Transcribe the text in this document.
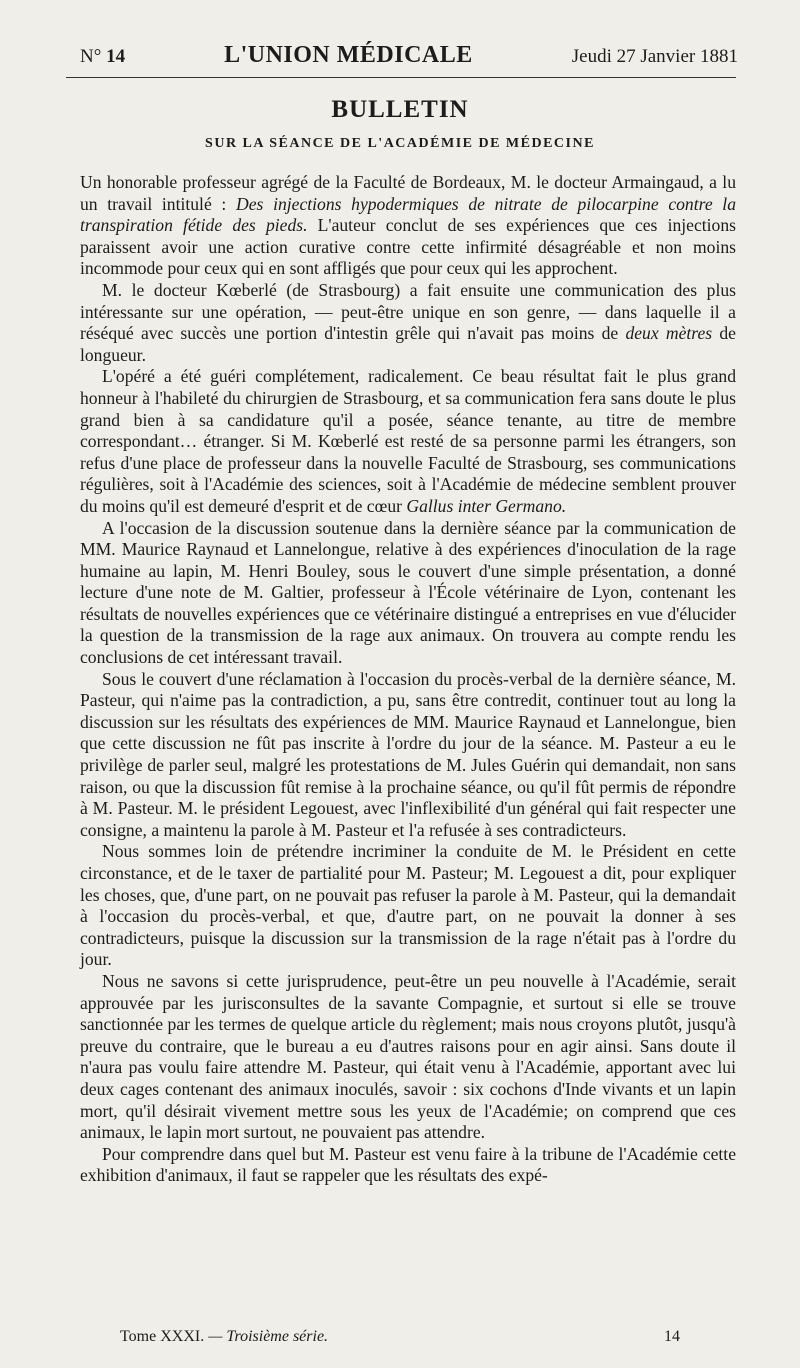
N° 14	L'UNION MÉDICALE	Jeudi 27 Janvier 1881
BULLETIN
SUR LA SÉANCE DE L'ACADÉMIE DE MÉDECINE

Un honorable professeur agrégé de la Faculté de Bordeaux, M. le docteur Armaingaud, a lu un travail intitulé : Des injections hypodermiques de nitrate de pilocarpine contre la transpiration fétide des pieds. L'auteur conclut de ses expériences que ces injections paraissent avoir une action curative contre cette infirmité désagréable et non moins incommode pour ceux qui en sont affligés que pour ceux qui les approchent.

M. le docteur Kœberlé (de Strasbourg) a fait ensuite une communication des plus intéressante sur une opération, — peut-être unique en son genre, — dans laquelle il a réséqué avec succès une portion d'intestin grêle qui n'avait pas moins de deux mètres de longueur.

L'opéré a été guéri complétement, radicalement. Ce beau résultat fait le plus grand honneur à l'habileté du chirurgien de Strasbourg, et sa communication fera sans doute le plus grand bien à sa candidature qu'il a posée, séance tenante, au titre de membre correspondant… étranger. Si M. Kœberlé est resté de sa personne parmi les étrangers, son refus d'une place de professeur dans la nouvelle Faculté de Strasbourg, ses communications régulières, soit à l'Académie des sciences, soit à l'Académie de médecine semblent prouver du moins qu'il est demeuré d'esprit et de cœur Gallus inter Germano.

A l'occasion de la discussion soutenue dans la dernière séance par la communication de MM. Maurice Raynaud et Lannelongue, relative à des expériences d'inoculation de la rage humaine au lapin, M. Henri Bouley, sous le couvert d'une simple présentation, a donné lecture d'une note de M. Galtier, professeur à l'École vétérinaire de Lyon, contenant les résultats de nouvelles expériences que ce vétérinaire distingué a entreprises en vue d'élucider la question de la transmission de la rage aux animaux. On trouvera au compte rendu les conclusions de cet intéressant travail.

Sous le couvert d'une réclamation à l'occasion du procès-verbal de la dernière séance, M. Pasteur, qui n'aime pas la contradiction, a pu, sans être contredit, continuer tout au long la discussion sur les résultats des expériences de MM. Maurice Raynaud et Lannelongue, bien que cette discussion ne fût pas inscrite à l'ordre du jour de la séance. M. Pasteur a eu le privilège de parler seul, malgré les protestations de M. Jules Guérin qui demandait, non sans raison, ou que la discussion fût remise à la prochaine séance, ou qu'il fût permis de répondre à M. Pasteur. M. le président Legouest, avec l'inflexibilité d'un général qui fait respecter une consigne, a maintenu la parole à M. Pasteur et l'a refusée à ses contradicteurs.

Nous sommes loin de prétendre incriminer la conduite de M. le Président en cette circonstance, et de le taxer de partialité pour M. Pasteur; M. Legouest a dit, pour expliquer les choses, que, d'une part, on ne pouvait pas refuser la parole à M. Pasteur, qui la demandait à l'occasion du procès-verbal, et que, d'autre part, on ne pouvait la donner à ses contradicteurs, puisque la discussion sur la transmission de la rage n'était pas à l'ordre du jour.

Nous ne savons si cette jurisprudence, peut-être un peu nouvelle à l'Académie, serait approuvée par les jurisconsultes de la savante Compagnie, et surtout si elle se trouve sanctionnée par les termes de quelque article du règlement; mais nous croyons plutôt, jusqu'à preuve du contraire, que le bureau a eu d'autres raisons pour en agir ainsi. Sans doute il n'aura pas voulu faire attendre M. Pasteur, qui était venu à l'Académie, apportant avec lui deux cages contenant des animaux inoculés, savoir : six cochons d'Inde vivants et un lapin mort, qu'il désirait vivement mettre sous les yeux de l'Académie; on comprend que ces animaux, le lapin mort surtout, ne pouvaient pas attendre.

Pour comprendre dans quel but M. Pasteur est venu faire à la tribune de l'Académie cette exhibition d'animaux, il faut se rappeler que les résultats des expé-

Tome XXXI. — Troisième série.	14
